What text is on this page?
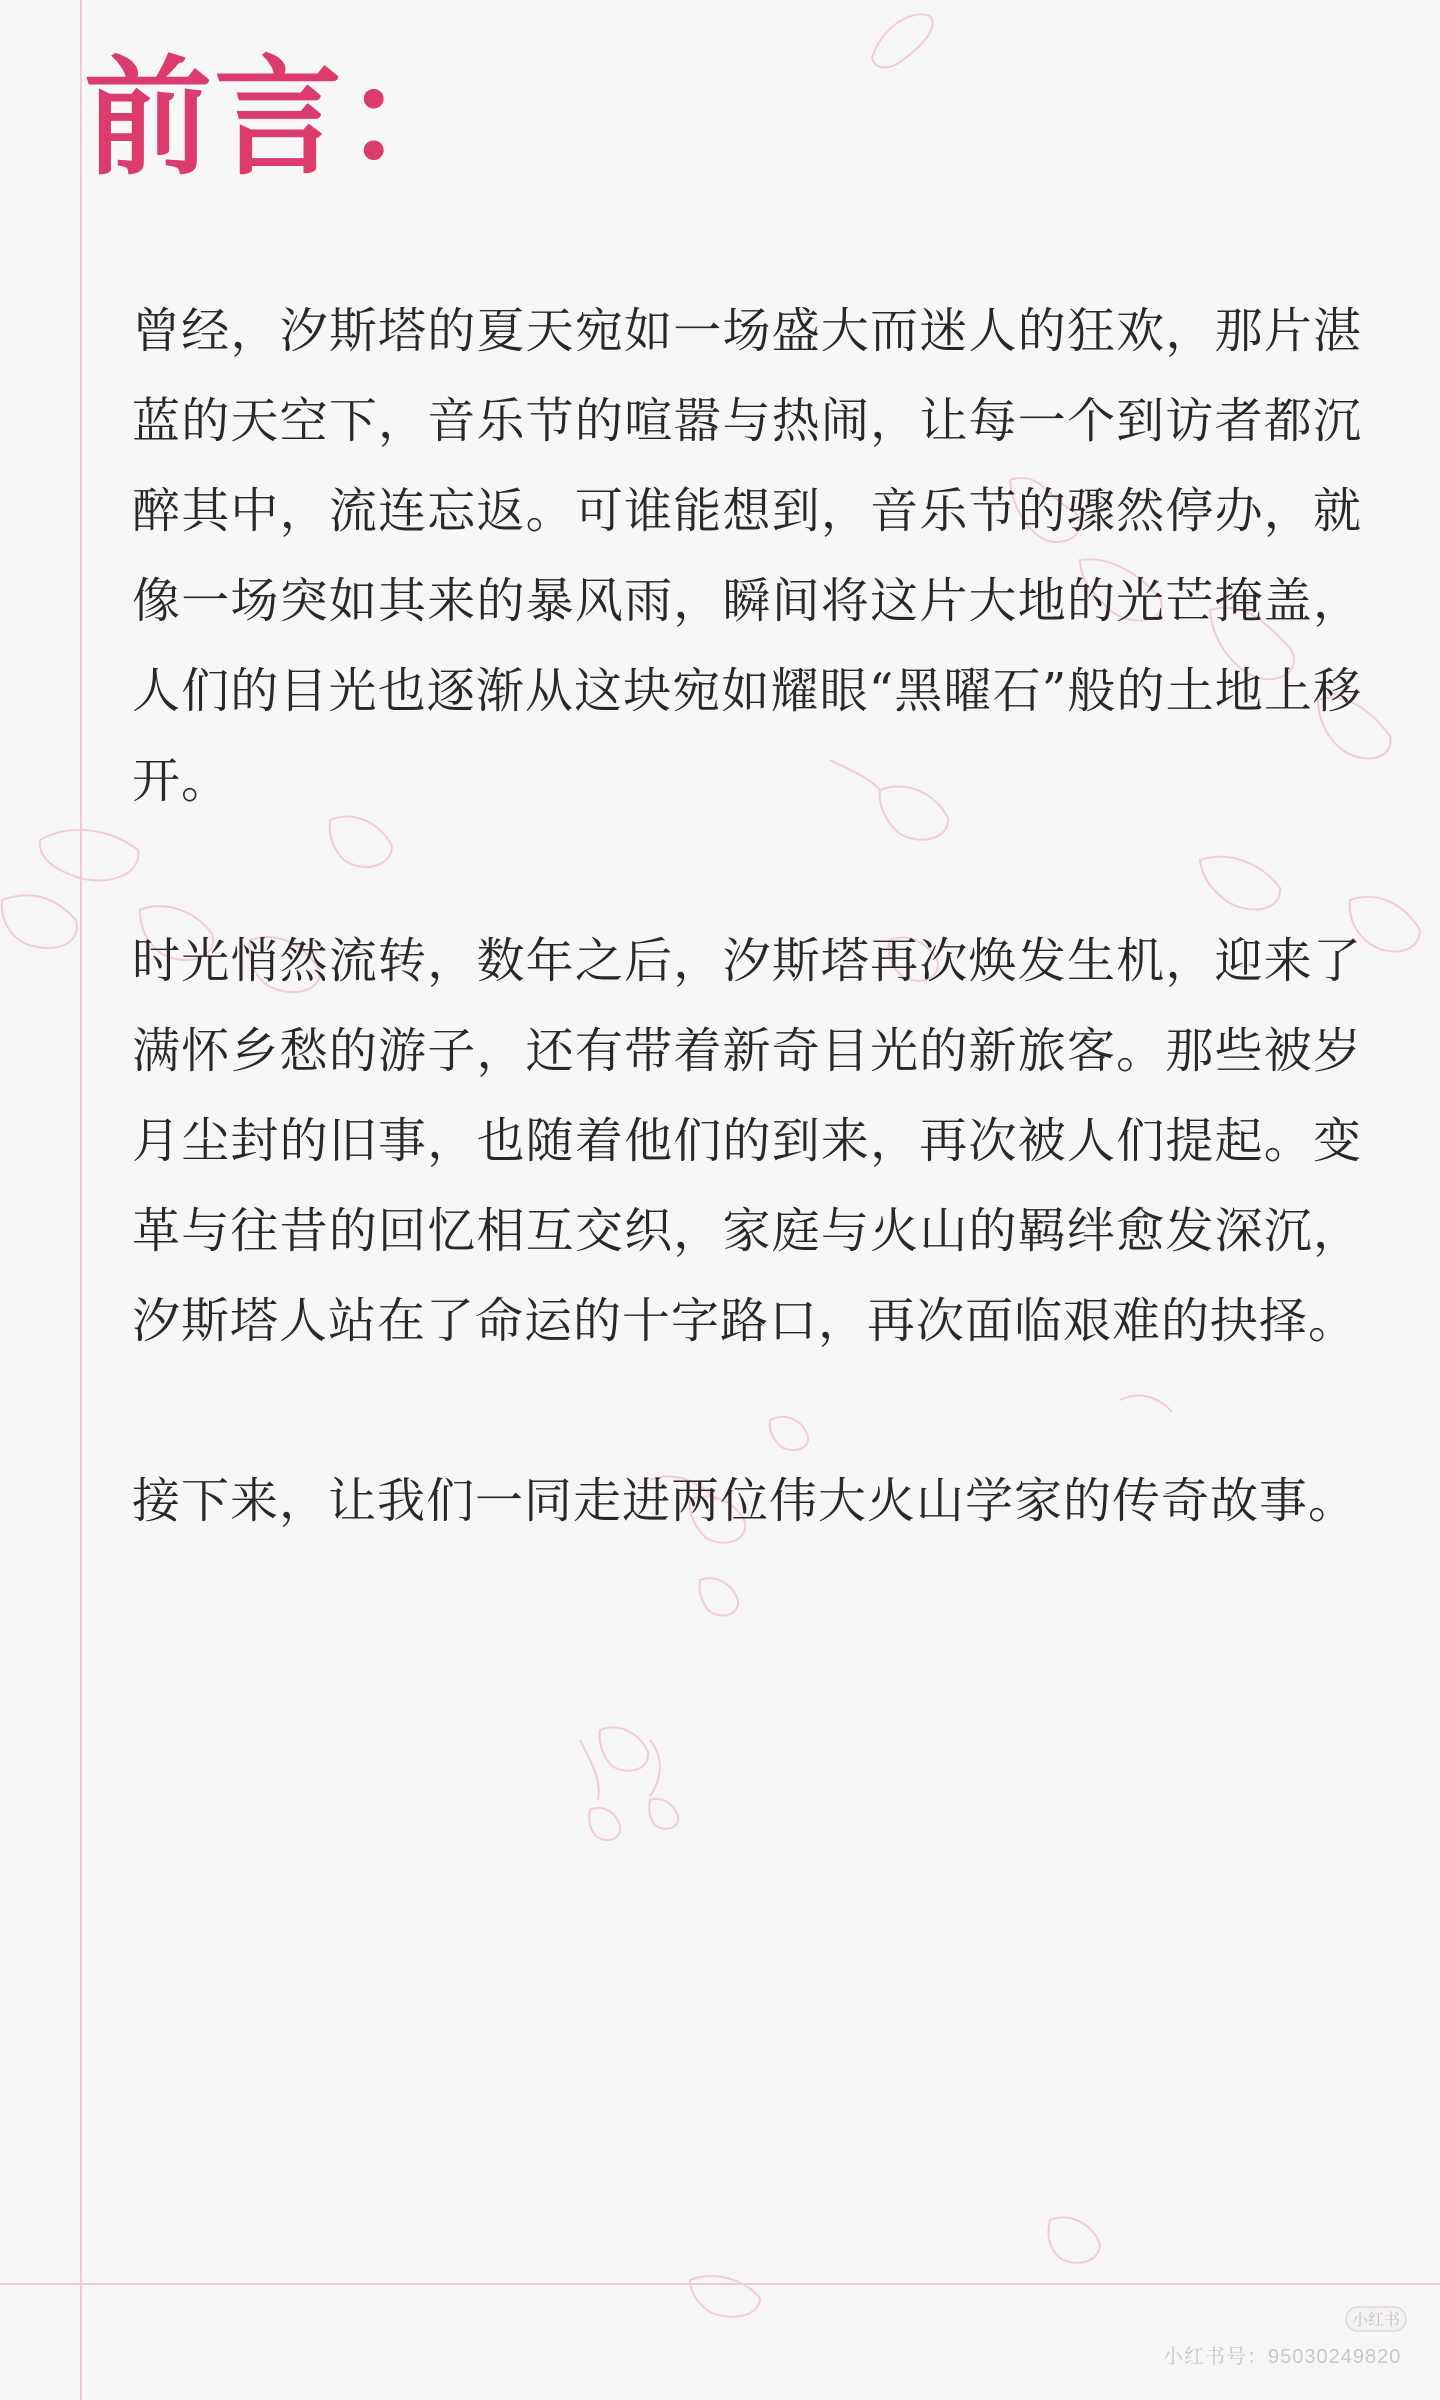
前言：

曾经，汐斯塔的夏天宛如一场盛大而迷人的狂欢，那片湛蓝的天空下，音乐节的喧嚣与热闹，让每一个到访者都沉醉其中，流连忘返。可谁能想到，音乐节的骤然停办，就像一场突如其来的暴风雨，瞬间将这片大地的光芒掩盖，人们的目光也逐渐从这块宛如耀眼“黑曜石”般的土地上移开。

时光悄然流转，数年之后，汐斯塔再次焕发生机，迎来了满怀乡愁的游子，还有带着新奇目光的新旅客。那些被岁月尘封的旧事，也随着他们的到来，再次被人们提起。变革与往昔的回忆相互交织，家庭与火山的羁绊愈发深沉，汐斯塔人站在了命运的十字路口，再次面临艰难的抉择。

接下来，让我们一同走进两位伟大火山学家的传奇故事。

小红书
小红书号：95030249820
